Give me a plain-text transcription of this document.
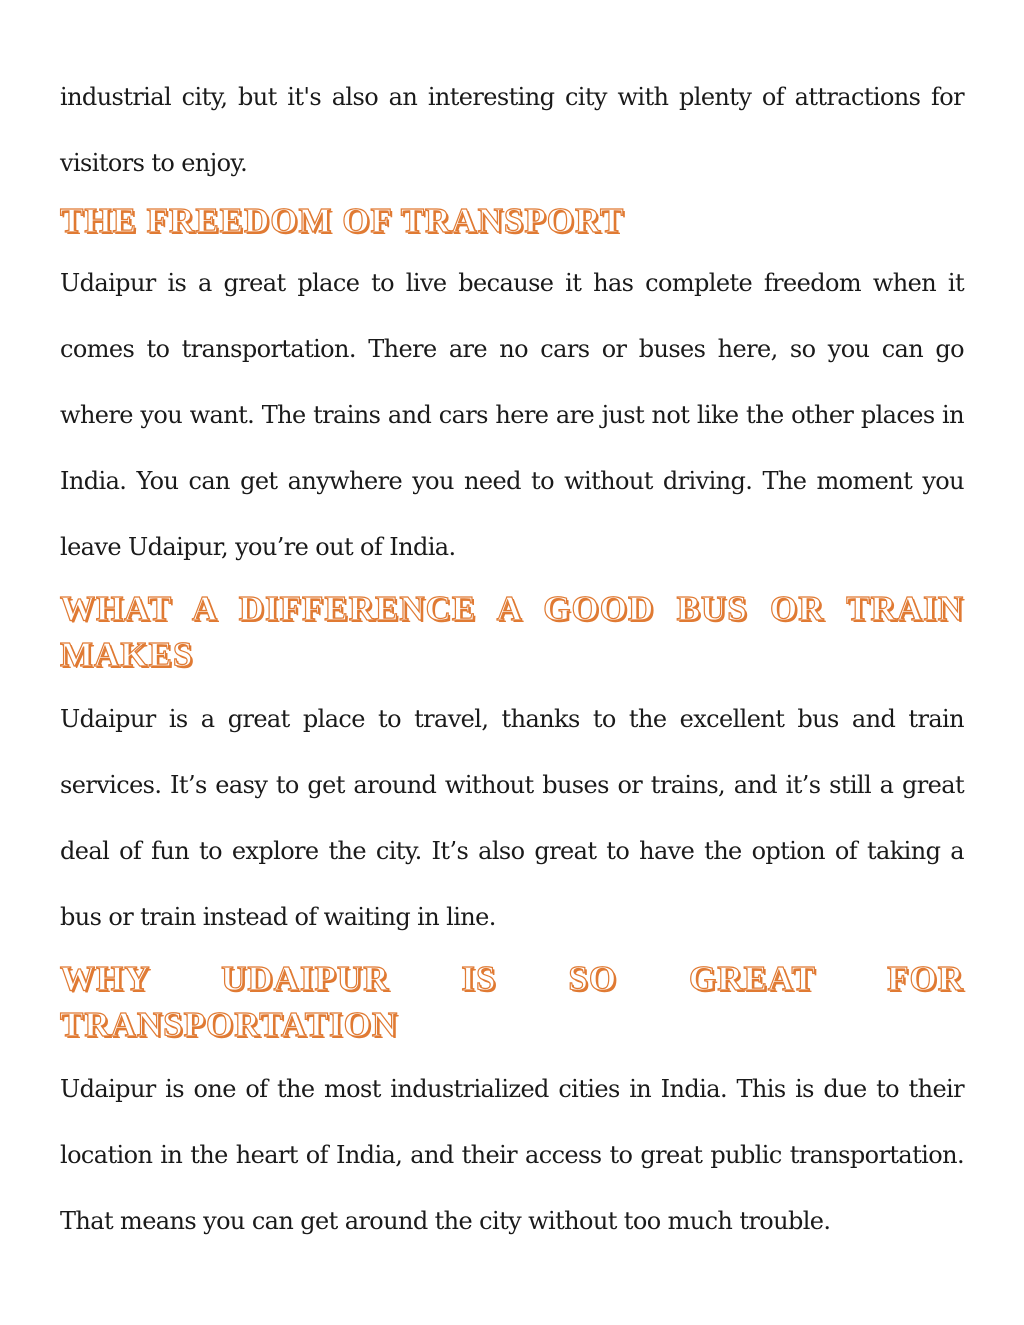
industrial city, but it's also an interesting city with plenty of attractions for visitors to enjoy.

THE FREEDOM OF TRANSPORT

Udaipur is a great place to live because it has complete freedom when it comes to transportation. There are no cars or buses here, so you can go where you want. The trains and cars here are just not like the other places in India. You can get anywhere you need to without driving. The moment you leave Udaipur, you’re out of India.

WHAT A DIFFERENCE A GOOD BUS OR TRAIN
MAKES

Udaipur is a great place to travel, thanks to the excellent bus and train services. It’s easy to get around without buses or trains, and it’s still a great deal of fun to explore the city. It’s also great to have the option of taking a bus or train instead of waiting in line.

WHY UDAIPUR IS SO GREAT FOR
TRANSPORTATION

Udaipur is one of the most industrialized cities in India. This is due to their location in the heart of India, and their access to great public transportation. That means you can get around the city without too much trouble.
